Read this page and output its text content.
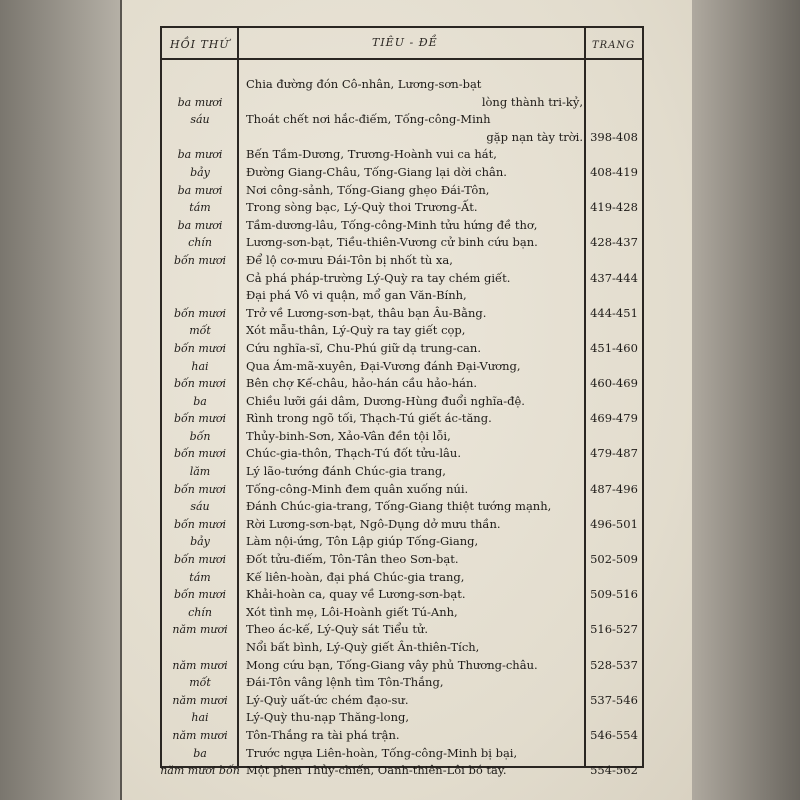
HỒI THỨ	TIÊU - ĐỀ	TRANG
ba mươi
sáu
ba mươi
bảy
ba mươi
tám
ba mươi
chín
bốn mươi
bốn mươi
mốt
bốn mươi
hai
bốn mươi
ba
bốn mươi
bốn
bốn mươi
lăm
bốn mươi
sáu
bốn mươi
bảy
bốn mươi
tám
bốn mươi
chín
năm mươi
năm mươi
mốt
năm mươi
hai
năm mươi
ba
năm mươi bốn
Chia đường đón Cô-nhân, Lương-sơn-bạt
lòng thành tri-kỷ,
Thoát chết nơi hắc-điếm, Tống-công-Minh
gặp nạn tày trời.
Bến Tầm-Dương, Trương-Hoành vui ca hát,
Đường Giang-Châu, Tống-Giang lại dời chân.
Nơi công-sảnh, Tống-Giang ghẹo Đái-Tôn,
Trong sòng bạc, Lý-Quỳ thoi Trương-Ất.
Tầm-dương-lâu, Tống-công-Minh tửu hứng đề thơ,
Lương-sơn-bạt, Tiều-thiên-Vương cử binh cứu bạn.
Để lộ cơ-mưu Đái-Tôn bị nhốt tù xa,
Cả phá pháp-trường Lý-Quỳ ra tay chém giết.
Đại phá Vô vi quận, mổ gan Văn-Bính,
Trở về Lương-sơn-bạt, thâu bạn Âu-Bằng.
Xót mẫu-thân, Lý-Quỳ ra tay giết cọp,
Cứu nghĩa-sĩ, Chu-Phú giữ dạ trung-can.
Qua Ám-mã-xuyên, Đại-Vương đánh Đại-Vương,
Bên chợ Kế-châu, hảo-hán cầu hảo-hán.
Chiều lưỡi gái dâm, Dương-Hùng đuổi nghĩa-đệ.
Rình trong ngõ tối, Thạch-Tú giết ác-tăng.
Thủy-binh-Sơn, Xảo-Vân đền tội lỗi,
Chúc-gia-thôn, Thạch-Tú đốt tửu-lâu.
Lý lão-tướng đánh Chúc-gia trang,
Tống-công-Minh đem quân xuống núi.
Đánh Chúc-gia-trang, Tống-Giang thiệt tướng mạnh,
Rời Lương-sơn-bạt, Ngô-Dụng dở mưu thần.
Làm nội-ứng, Tôn Lập giúp Tống-Giang,
Đốt tửu-điếm, Tôn-Tân theo Sơn-bạt.
Kế liên-hoàn, đại phá Chúc-gia trang,
Khải-hoàn ca, quay về Lương-sơn-bạt.
Xót tình mẹ, Lôi-Hoành giết Tú-Anh,
Theo ác-kế, Lý-Quỳ sát Tiểu tử.
Nổi bất bình, Lý-Quỳ giết Ân-thiên-Tích,
Mong cứu bạn, Tống-Giang vây phủ Thương-châu.
Đái-Tôn vâng lệnh tìm Tôn-Thắng,
Lý-Quỳ uất-ức chém đạo-sư.
Lý-Quỳ thu-nạp Thăng-long,
Tôn-Thắng ra tài phá trận.
Trước ngựa Liên-hoàn, Tống-công-Minh bị bại,
Một phen Thủy-chiến, Oanh-thiên-Lôi bó tay.
398-408
408-419
419-428
428-437
437-444
444-451
451-460
460-469
469-479
479-487
487-496
496-501
502-509
509-516
516-527
528-537
537-546
546-554
554-562
